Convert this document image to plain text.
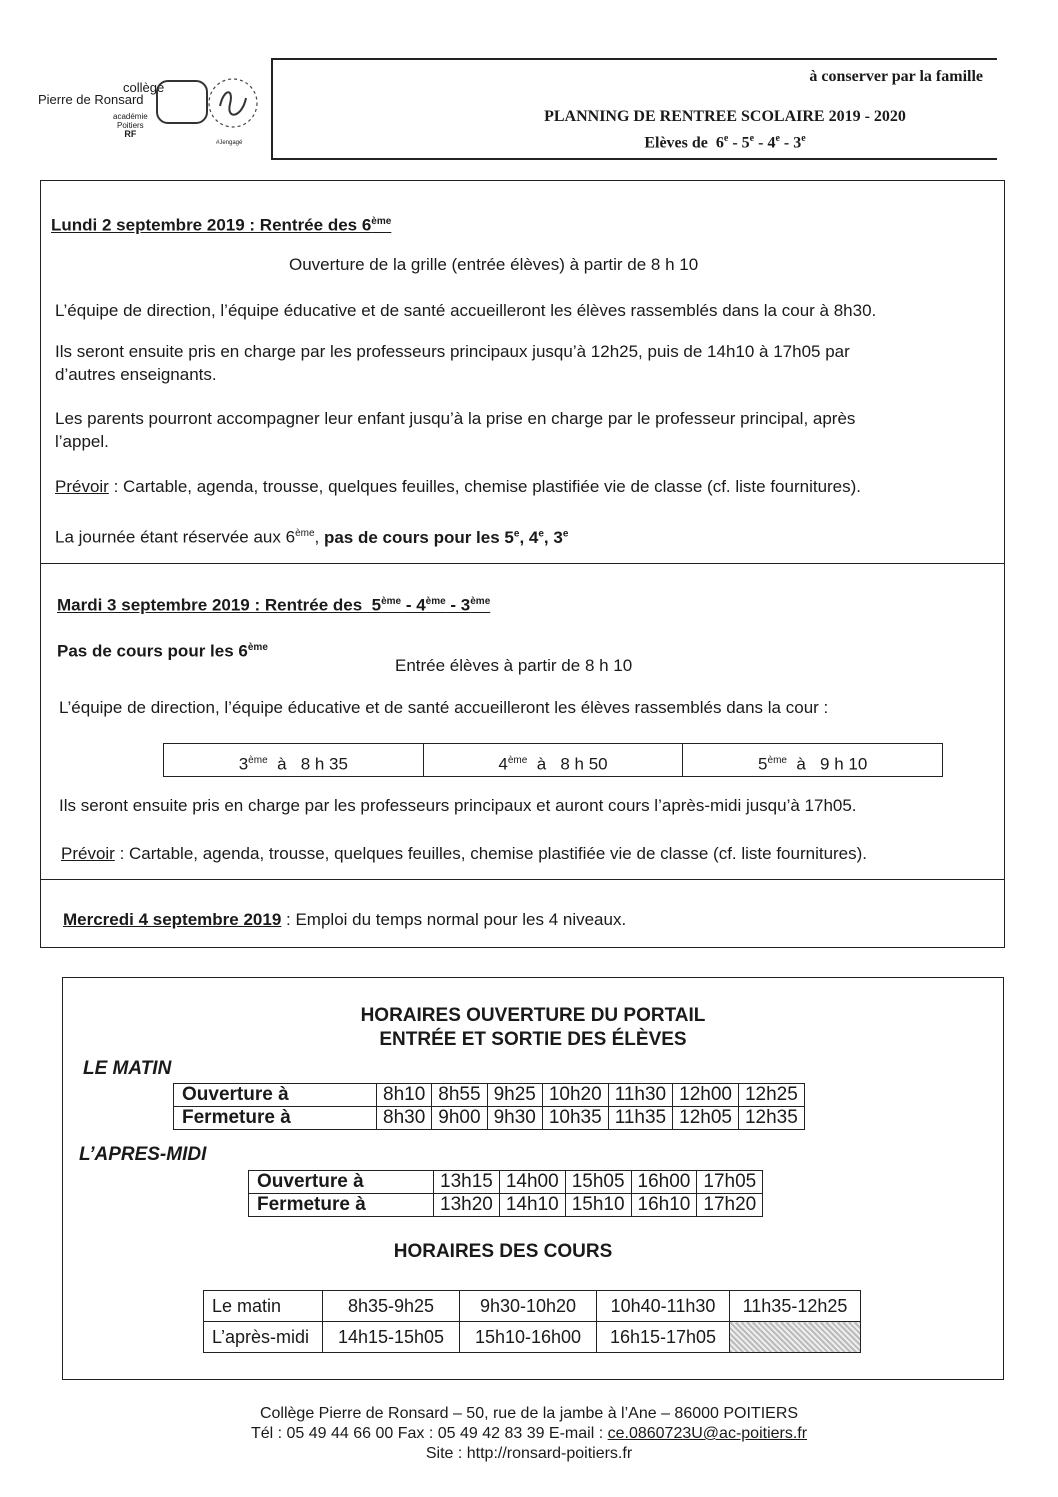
collège
Pierre de Ronsard
académie
Poitiers
RF
#Jengagé
à conserver par la famille
PLANNING DE RENTREE SCOLAIRE 2019 - 2020
Elèves de  6e - 5e - 4e - 3e
Lundi 2 septembre 2019 : Rentrée des 6ème
Ouverture de la grille (entrée élèves) à partir de 8 h 10
L’équipe de direction, l’équipe éducative et de santé accueilleront les élèves rassemblés dans la cour à 8h30.
Ils seront ensuite pris en charge par les professeurs principaux jusqu’à 12h25, puis de 14h10 à 17h05 par
d’autres enseignants.
Les parents pourront accompagner leur enfant jusqu’à la prise en charge par le professeur principal, après
l’appel.
Prévoir : Cartable, agenda, trousse, quelques feuilles, chemise plastifiée vie de classe (cf. liste fournitures).
La journée étant réservée aux 6ème, pas de cours pour les 5e, 4e, 3e
Mardi 3 septembre 2019 : Rentrée des  5ème - 4ème - 3ème
Pas de cours pour les 6ème
Entrée élèves à partir de 8 h 10
L’équipe de direction, l’équipe éducative et de santé accueilleront les élèves rassemblés dans la cour :
3ème  à   8 h 35	4ème  à   8 h 50	5ème  à   9 h 10
Ils seront ensuite pris en charge par les professeurs principaux et auront cours l’après-midi jusqu’à 17h05.
Prévoir : Cartable, agenda, trousse, quelques feuilles, chemise plastifiée vie de classe (cf. liste fournitures).
Mercredi 4 septembre 2019 : Emploi du temps normal pour les 4 niveaux.
HORAIRES OUVERTURE DU PORTAIL
ENTRÉE ET SORTIE DES ÉLÈVES
LE MATIN
Ouverture à	8h10	8h55	9h25	10h20	11h30	12h00	12h25
Fermeture à	8h30	9h00	9h30	10h35	11h35	12h05	12h35
L’APRES-MIDI
Ouverture à	13h15	14h00	15h05	16h00	17h05
Fermeture à	13h20	14h10	15h10	16h10	17h20
HORAIRES DES COURS
Le matin	8h35-9h25	9h30-10h20	10h40-11h30	11h35-12h25
L’après-midi	14h15-15h05	15h10-16h00	16h15-17h05	
Collège Pierre de Ronsard – 50, rue de la jambe à l’Ane – 86000 POITIERS
Tél : 05 49 44 66 00 Fax : 05 49 42 83 39 E-mail : ce.0860723U@ac-poitiers.fr
Site : http://ronsard-poitiers.fr
